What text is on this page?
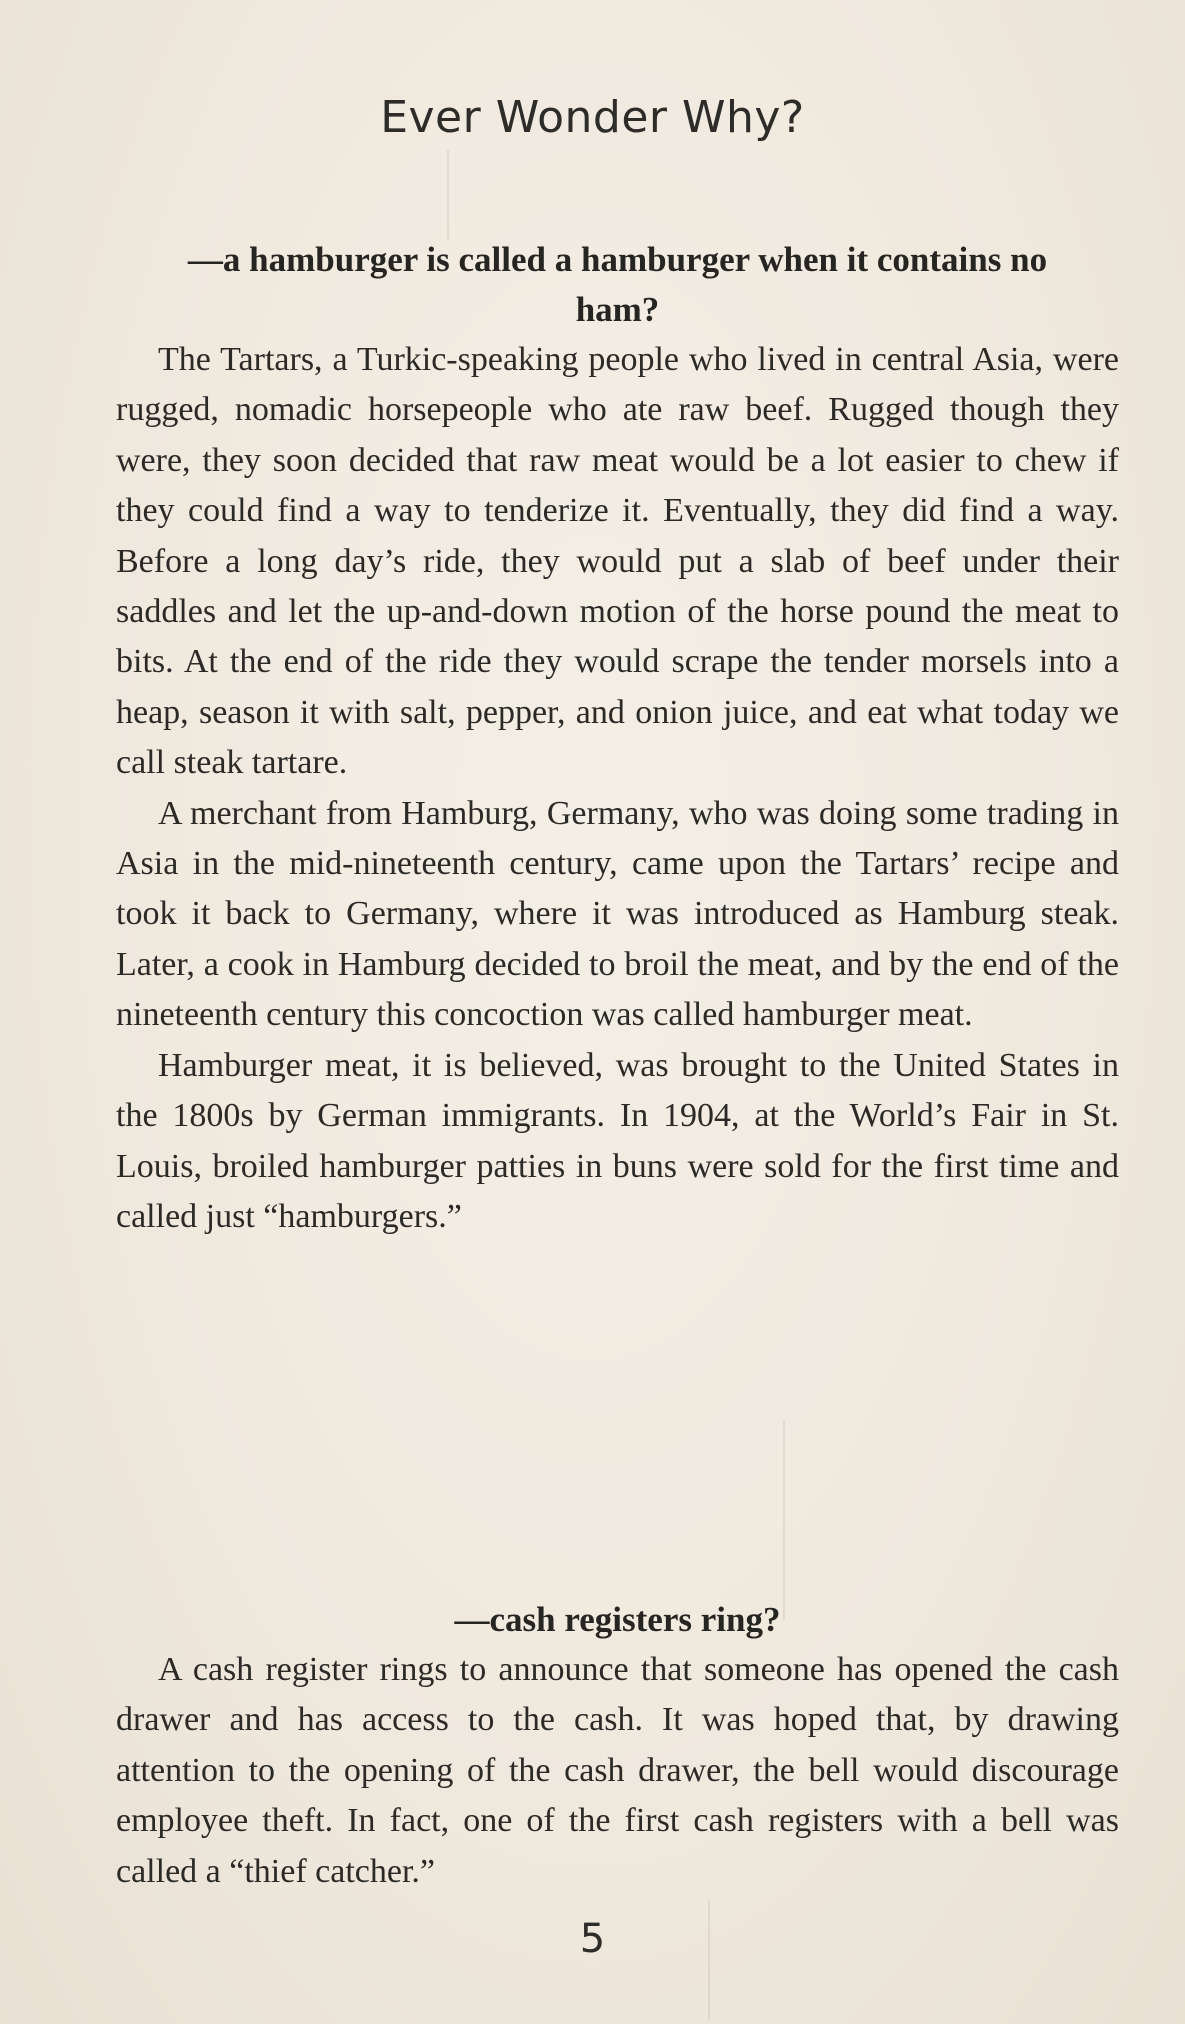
Ever Wonder Why?

—a hamburger is called a hamburger when it contains no ham?

The Tartars, a Turkic-speaking people who lived in central Asia, were rugged, nomadic horsepeople who ate raw beef. Rugged though they were, they soon decided that raw meat would be a lot easier to chew if they could find a way to tenderize it. Eventually, they did find a way. Before a long day’s ride, they would put a slab of beef under their saddles and let the up-and-down motion of the horse pound the meat to bits. At the end of the ride they would scrape the tender morsels into a heap, season it with salt, pepper, and onion juice, and eat what today we call steak tartare.

A merchant from Hamburg, Germany, who was doing some trading in Asia in the mid-nineteenth century, came upon the Tartars’ recipe and took it back to Germany, where it was introduced as Hamburg steak. Later, a cook in Hamburg decided to broil the meat, and by the end of the nineteenth century this concoction was called hamburger meat.

Hamburger meat, it is believed, was brought to the United States in the 1800s by German immigrants. In 1904, at the World’s Fair in St. Louis, broiled hamburger patties in buns were sold for the first time and called just “hamburgers.”

—cash registers ring?

A cash register rings to announce that someone has opened the cash drawer and has access to the cash. It was hoped that, by drawing attention to the opening of the cash drawer, the bell would discourage employee theft. In fact, one of the first cash registers with a bell was called a “thief catcher.”

5
